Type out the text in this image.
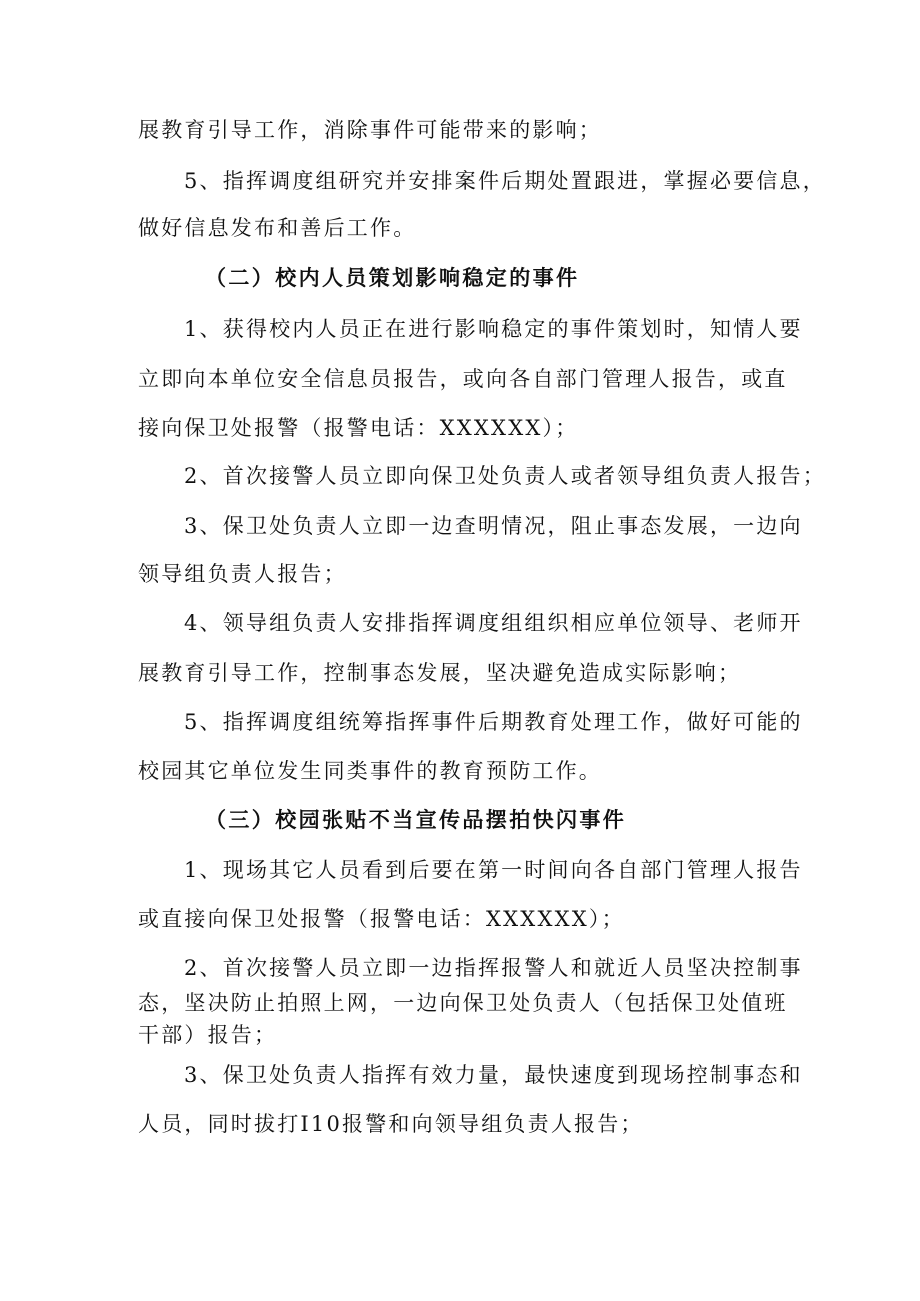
展教育引导工作，消除事件可能带来的影响；
5、指挥调度组研究并安排案件后期处置跟进，掌握必要信息，
做好信息发布和善后工作。
（二）校内人员策划影响稳定的事件
1、获得校内人员正在进行影响稳定的事件策划时，知情人要
立即向本单位安全信息员报告，或向各自部门管理人报告，或直
接向保卫处报警（报警电话：XXXXXX）；
2、首次接警人员立即向保卫处负责人或者领导组负责人报告；
3、保卫处负责人立即一边查明情况，阻止事态发展，一边向
领导组负责人报告；
4、领导组负责人安排指挥调度组组织相应单位领导、老师开
展教育引导工作，控制事态发展，坚决避免造成实际影响；
5、指挥调度组统筹指挥事件后期教育处理工作，做好可能的
校园其它单位发生同类事件的教育预防工作。
（三）校园张贴不当宣传品摆拍快闪事件
1、现场其它人员看到后要在第一时间向各自部门管理人报告
或直接向保卫处报警（报警电话：XXXXXX）；
2、首次接警人员立即一边指挥报警人和就近人员坚决控制事
态，坚决防止拍照上网，一边向保卫处负责人（包括保卫处值班
干部）报告；
3、保卫处负责人指挥有效力量，最快速度到现场控制事态和
人员，同时拔打I10报警和向领导组负责人报告；
